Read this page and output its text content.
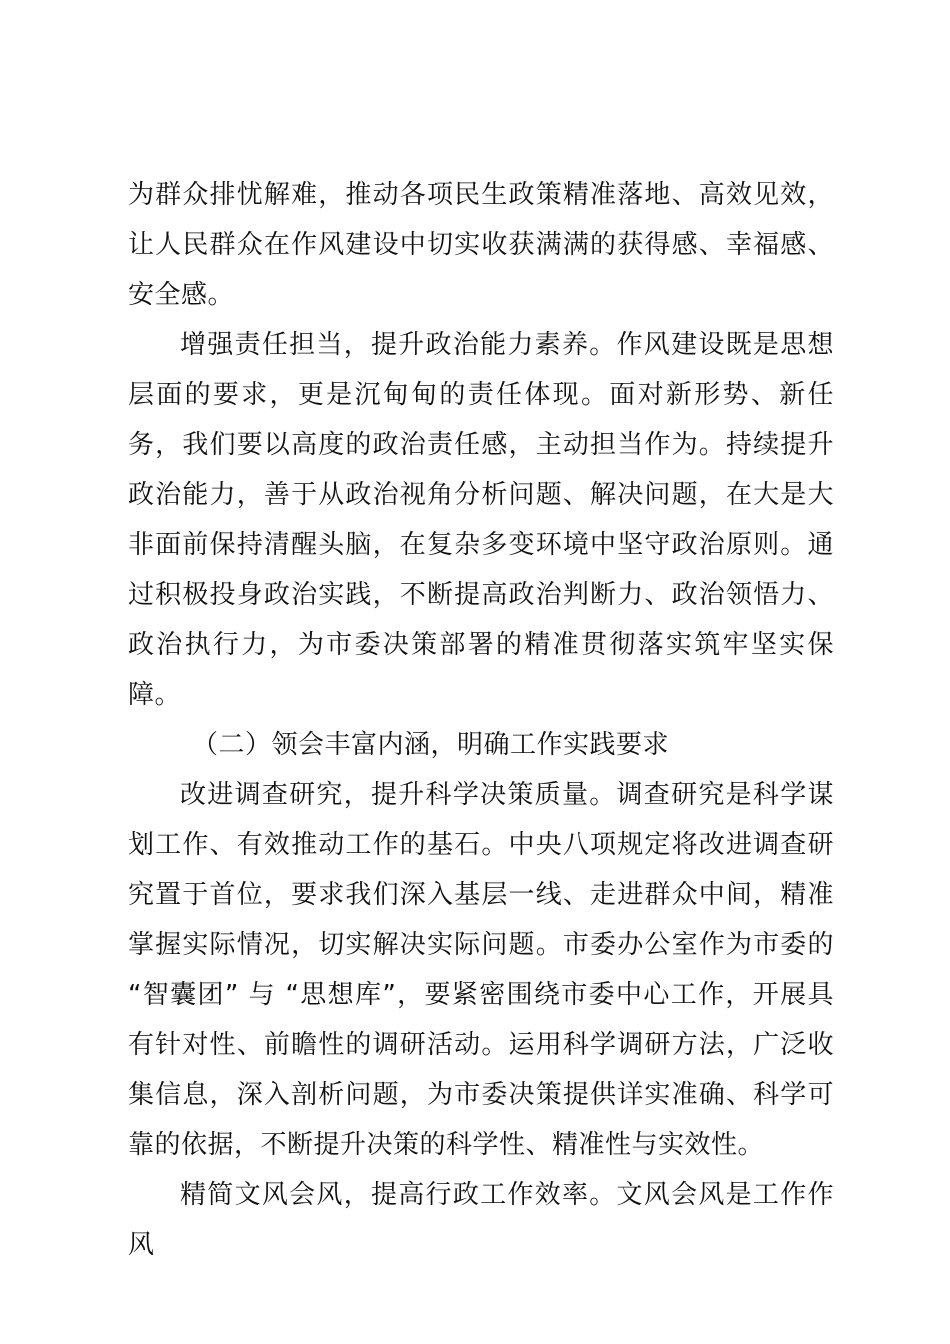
为群众排忧解难，推动各项民生政策精准落地、高效见效，让人民群众在作风建设中切实收获满满的获得感、幸福感、安全感。

增强责任担当，提升政治能力素养。作风建设既是思想层面的要求，更是沉甸甸的责任体现。面对新形势、新任务，我们要以高度的政治责任感，主动担当作为。持续提升政治能力，善于从政治视角分析问题、解决问题，在大是大非面前保持清醒头脑，在复杂多变环境中坚守政治原则。通过积极投身政治实践，不断提高政治判断力、政治领悟力、政治执行力，为市委决策部署的精准贯彻落实筑牢坚实保障。

（二）领会丰富内涵，明确工作实践要求

改进调查研究，提升科学决策质量。调查研究是科学谋划工作、有效推动工作的基石。中央八项规定将改进调查研究置于首位，要求我们深入基层一线、走进群众中间，精准掌握实际情况，切实解决实际问题。市委办公室作为市委的 “智囊团” 与 “思想库”，要紧密围绕市委中心工作，开展具有针对性、前瞻性的调研活动。运用科学调研方法，广泛收集信息，深入剖析问题，为市委决策提供详实准确、科学可靠的依据，不断提升决策的科学性、精准性与实效性。

精简文风会风，提高行政工作效率。文风会风是工作作风
